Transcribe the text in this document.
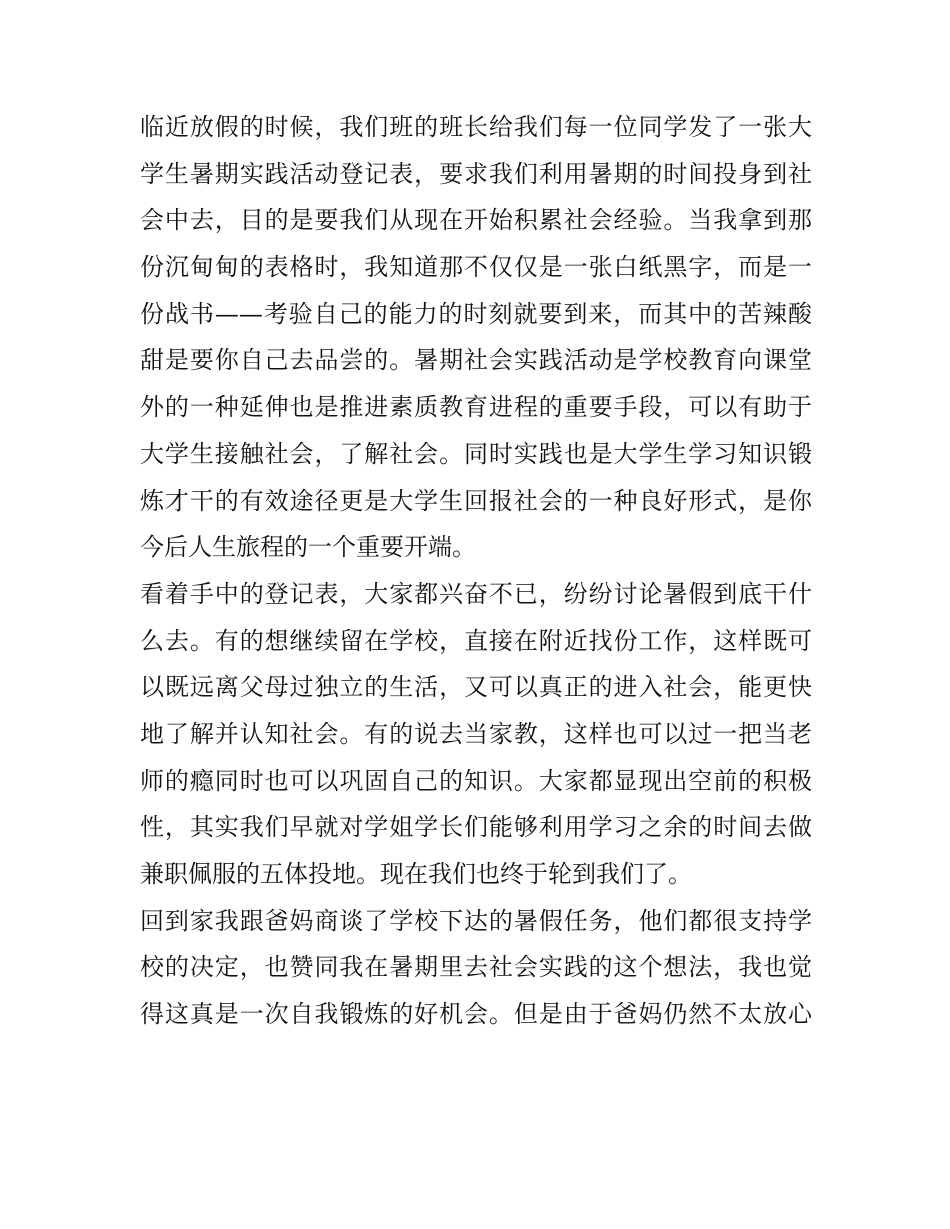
临近放假的时候，我们班的班长给我们每一位同学发了一张大
学生暑期实践活动登记表，要求我们利用暑期的时间投身到社
会中去，目的是要我们从现在开始积累社会经验。当我拿到那
份沉甸甸的表格时，我知道那不仅仅是一张白纸黑字，而是一
份战书——考验自己的能力的时刻就要到来，而其中的苦辣酸
甜是要你自己去品尝的。暑期社会实践活动是学校教育向课堂
外的一种延伸也是推进素质教育进程的重要手段，可以有助于
大学生接触社会，了解社会。同时实践也是大学生学习知识锻
炼才干的有效途径更是大学生回报社会的一种良好形式，是你
今后人生旅程的一个重要开端。
看着手中的登记表，大家都兴奋不已，纷纷讨论暑假到底干什
么去。有的想继续留在学校，直接在附近找份工作，这样既可
以既远离父母过独立的生活，又可以真正的进入社会，能更快
地了解并认知社会。有的说去当家教，这样也可以过一把当老
师的瘾同时也可以巩固自己的知识。大家都显现出空前的积极
性，其实我们早就对学姐学长们能够利用学习之余的时间去做
兼职佩服的五体投地。现在我们也终于轮到我们了。
回到家我跟爸妈商谈了学校下达的暑假任务，他们都很支持学
校的决定，也赞同我在暑期里去社会实践的这个想法，我也觉
得这真是一次自我锻炼的好机会。但是由于爸妈仍然不太放心
